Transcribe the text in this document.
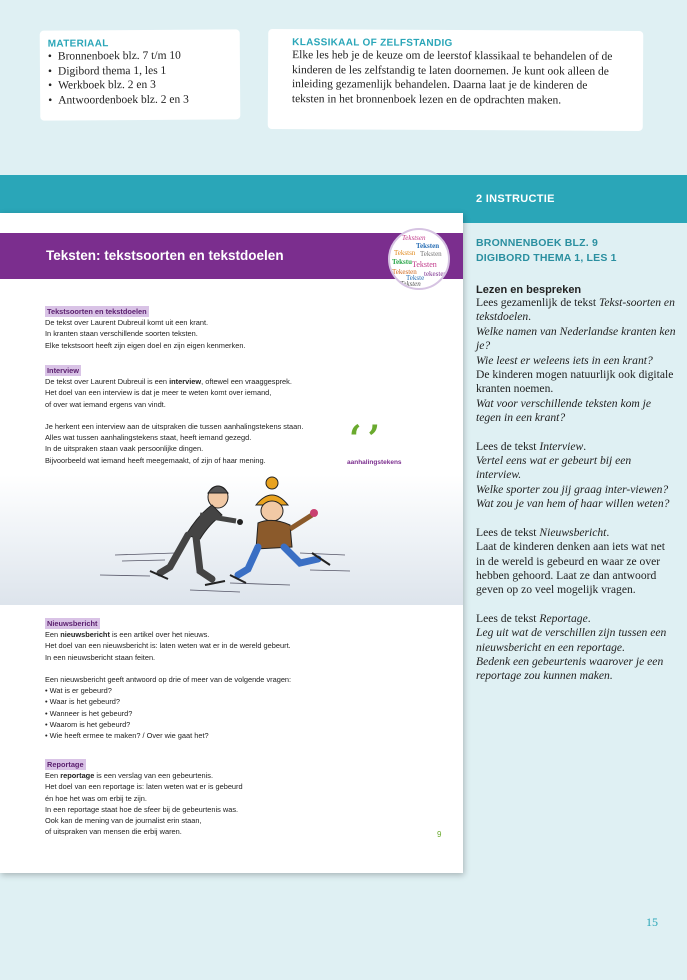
MATERIAAL
• Bronnenboek blz. 7 t/m 10
• Digibord thema 1, les 1
• Werkboek blz. 2 en 3
• Antwoordenboek blz. 2 en 3
KLASSIKAAL OF ZELFSTANDIG

Elke les heb je de keuze om de leerstof klassikaal te behandelen of de kinderen de les zelfstandig te laten doornemen. Je kunt ook alleen de inleiding gezamenlijk behandelen. Daarna laat je de kinderen de teksten in het bronnenboek lezen en de opdrachten maken.

2 INSTRUCTIE
BRONNENBOEK BLZ. 9
DIGIBORD THEMA 1, LES 1
Lezen en bespreken
Lees gezamenlijk de tekst Tekst-soorten en tekstdoelen.
Welke namen van Nederlandse kranten ken je?
Wie leest er weleens iets in een krant?
De kinderen mogen natuurlijk ook digitale kranten noemen.
Wat voor verschillende teksten kom je tegen in een krant?
Lees de tekst Interview.
Vertel eens wat er gebeurt bij een interview.
Welke sporter zou jij graag inter-viewen?
Wat zou je van hem of haar willen weten?
Lees de tekst Nieuwsbericht.
Laat de kinderen denken aan iets wat net in de wereld is gebeurd en waar ze over hebben gehoord. Laat ze dan antwoord geven op zo veel mogelijk vragen.
Lees de tekst Reportage.
Leg uit wat de verschillen zijn tussen een nieuwsbericht en een reportage.
Bedenk een gebeurtenis waarover je een reportage zou kunnen maken.
Teksten: tekstsoorten en tekstdoelen
Tekstsen
Teksten
Tekstsn Teksten
Tekstu Teksten
tekesten
Tekesten
Tekste
Teksten
Tekstsoorten en tekstdoelen
De tekst over Laurent Dubreuil komt uit een krant.
In kranten staan verschillende soorten teksten.
Elke tekstsoort heeft zijn eigen doel en zijn eigen kenmerken.
Interview
De tekst over Laurent Dubreuil is een interview, oftewel een vraaggesprek.
Het doel van een interview is dat je meer te weten komt over iemand,
of over wat iemand ergens van vindt.

Je herkent een interview aan de uitspraken die tussen aanhalingstekens staan.
Alles wat tussen aanhalingstekens staat, heeft iemand gezegd.
In de uitspraken staan vaak persoonlijke dingen.
Bijvoorbeeld wat iemand heeft meegemaakt, of zijn of haar mening.
‘’
aanhalingstekens
Nieuwsbericht
Een nieuwsbericht is een artikel over het nieuws.
Het doel van een nieuwsbericht is: laten weten wat er in de wereld gebeurt.
In een nieuwsbericht staan feiten.

Een nieuwsbericht geeft antwoord op drie of meer van de volgende vragen:
• Wat is er gebeurd?
• Waar is het gebeurd?
• Wanneer is het gebeurd?
• Waarom is het gebeurd?
• Wie heeft ermee te maken? / Over wie gaat het?
Reportage
Een reportage is een verslag van een gebeurtenis.
Het doel van een reportage is: laten weten wat er is gebeurd
én hoe het was om erbij te zijn.
In een reportage staat hoe de sfeer bij de gebeurtenis was.
Ook kan de mening van de journalist erin staan,
of uitspraken van mensen die erbij waren.	9
15
